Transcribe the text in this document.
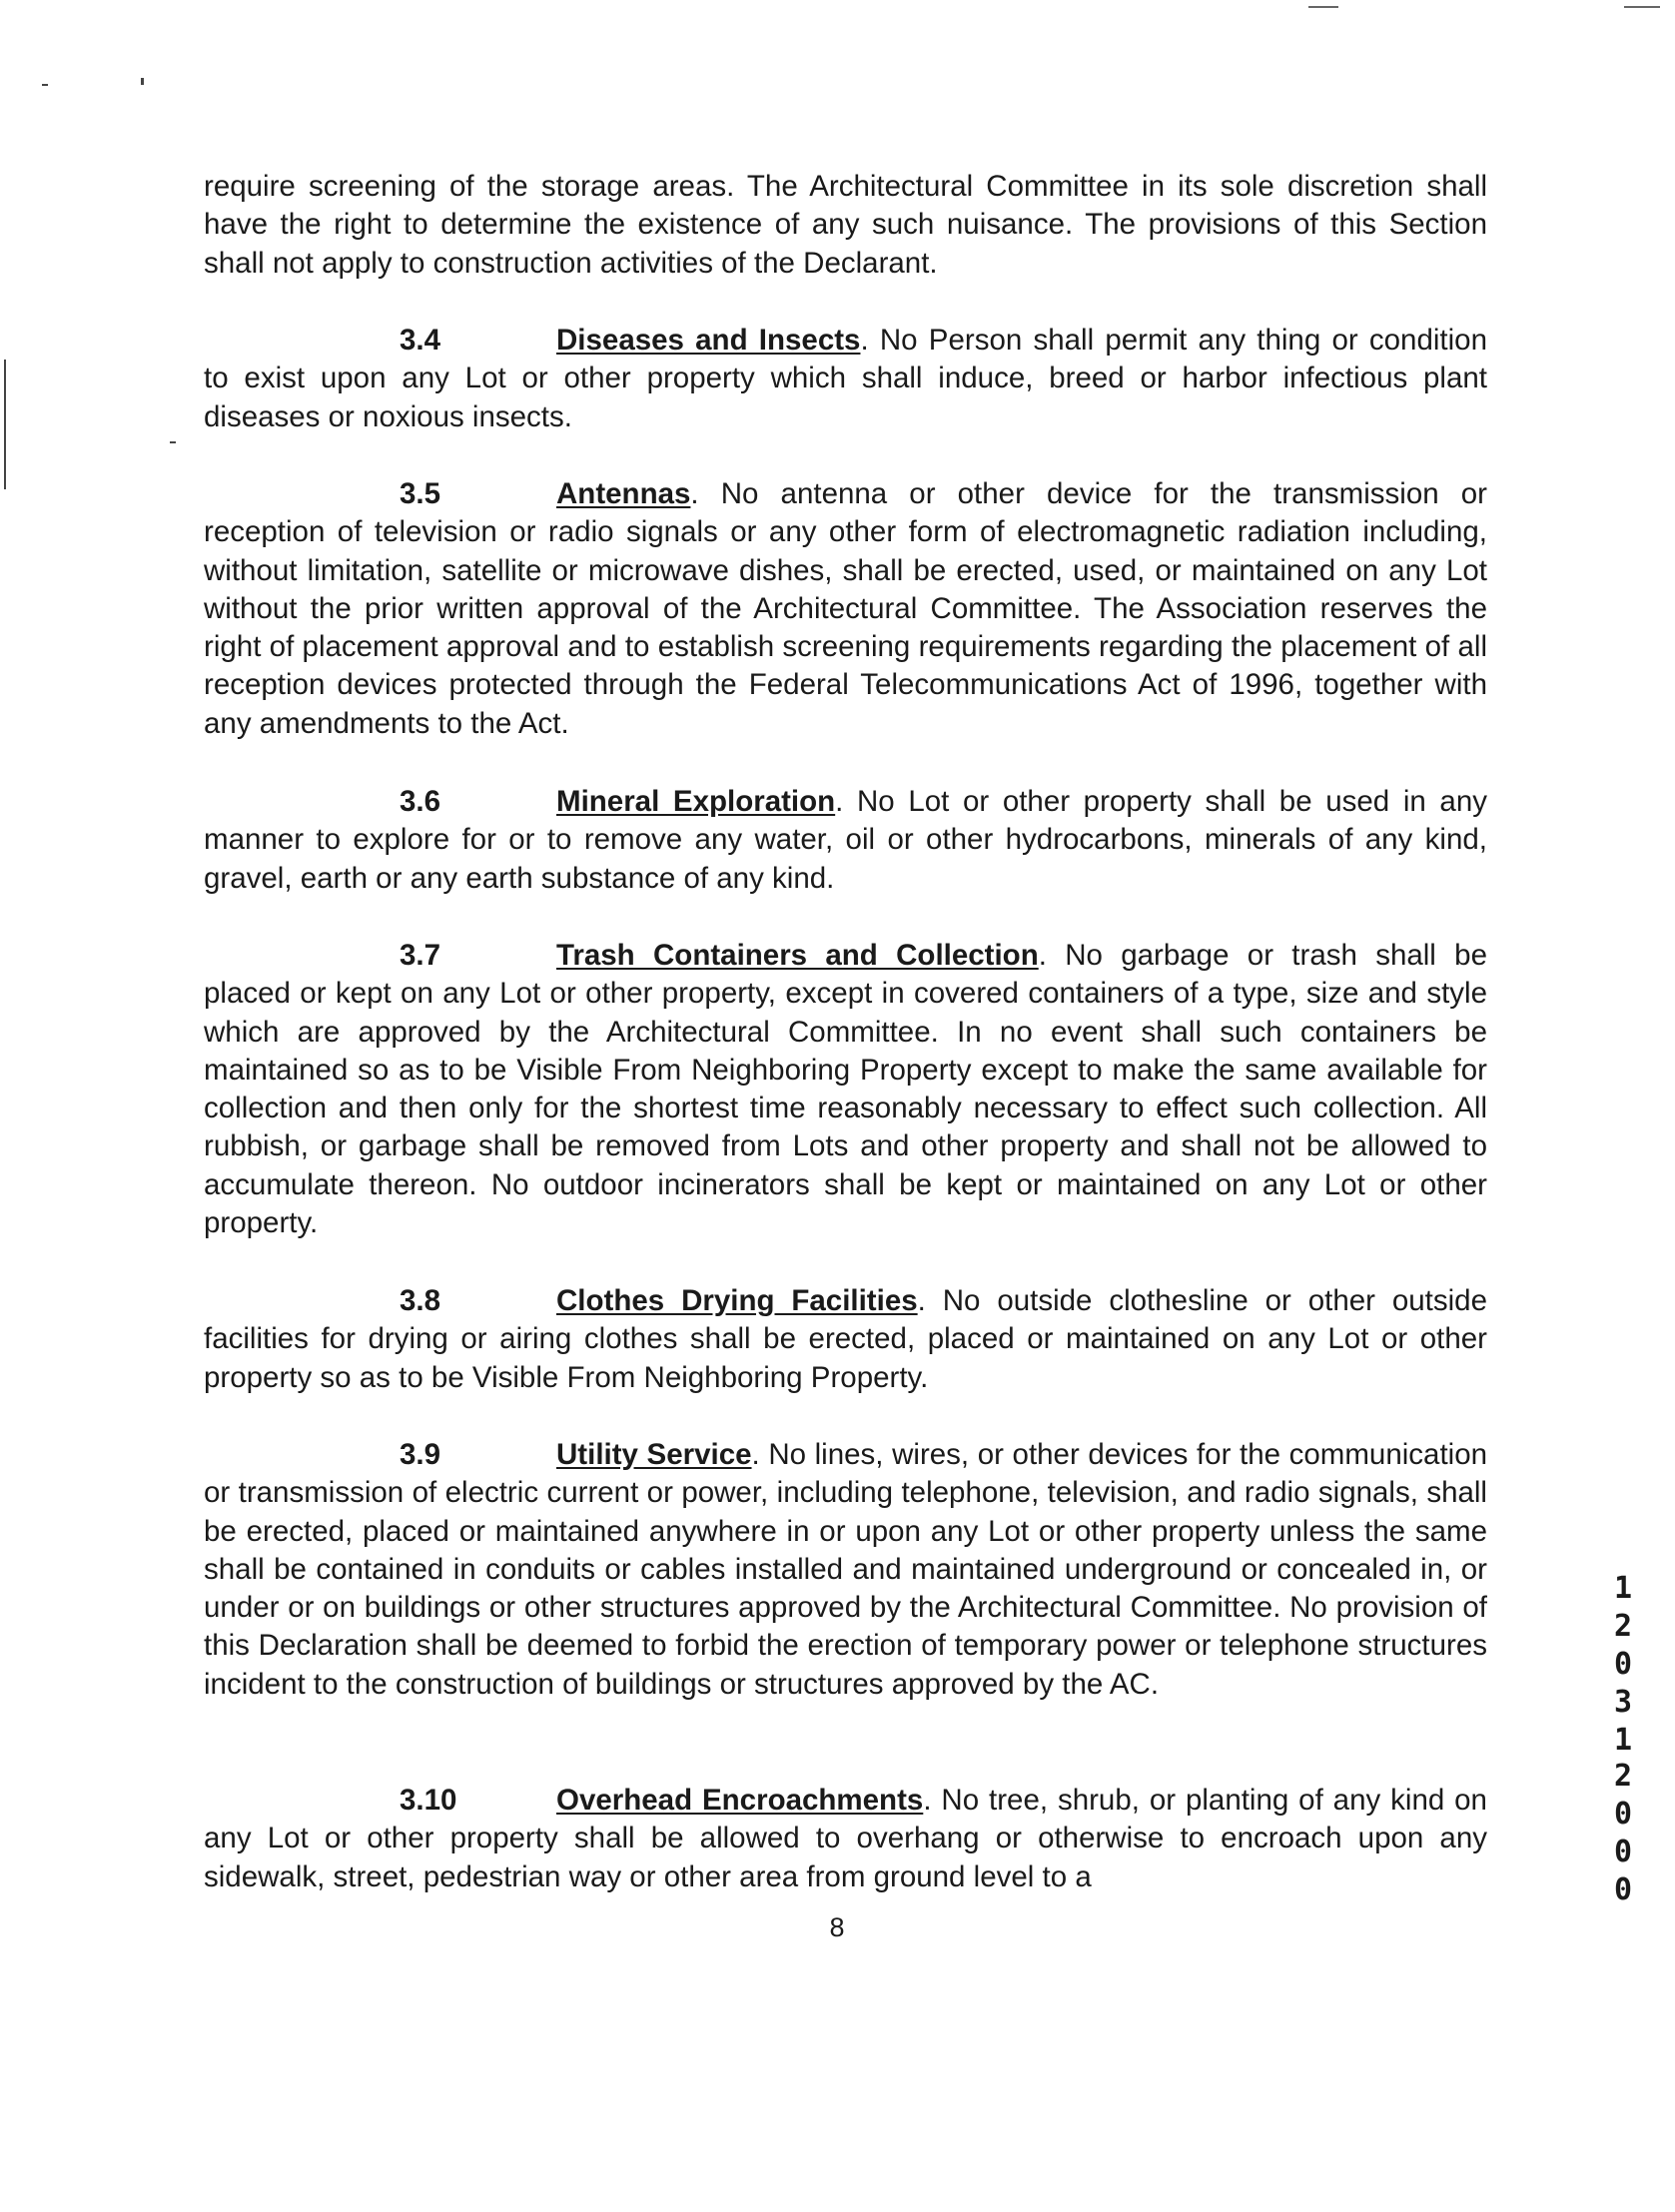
require screening of the storage areas. The Architectural Committee in its sole discretion shall have the right to determine the existence of any such nuisance. The provisions of this Section shall not apply to construction activities of the Declarant.

3.4	Diseases and Insects. No Person shall permit any thing or condition to exist upon any Lot or other property which shall induce, breed or harbor infectious plant diseases or noxious insects.

3.5	Antennas. No antenna or other device for the transmission or reception of television or radio signals or any other form of electromagnetic radiation including, without limitation, satellite or microwave dishes, shall be erected, used, or maintained on any Lot without the prior written approval of the Architectural Committee. The Association reserves the right of placement approval and to establish screening requirements regarding the placement of all reception devices protected through the Federal Telecommunications Act of 1996, together with any amendments to the Act.

3.6	Mineral Exploration. No Lot or other property shall be used in any manner to explore for or to remove any water, oil or other hydrocarbons, minerals of any kind, gravel, earth or any earth substance of any kind.

3.7	Trash Containers and Collection. No garbage or trash shall be placed or kept on any Lot or other property, except in covered containers of a type, size and style which are approved by the Architectural Committee. In no event shall such containers be maintained so as to be Visible From Neighboring Property except to make the same available for collection and then only for the shortest time reasonably necessary to effect such collection. All rubbish, or garbage shall be removed from Lots and other property and shall not be allowed to accumulate thereon. No outdoor incinerators shall be kept or maintained on any Lot or other property.

3.8	Clothes Drying Facilities. No outside clothesline or other outside facilities for drying or airing clothes shall be erected, placed or maintained on any Lot or other property so as to be Visible From Neighboring Property.

3.9	Utility Service. No lines, wires, or other devices for the communication or transmission of electric current or power, including telephone, television, and radio signals, shall be erected, placed or maintained anywhere in or upon any Lot or other property unless the same shall be contained in conduits or cables installed and maintained underground or concealed in, or under or on buildings or other structures approved by the Architectural Committee. No provision of this Declaration shall be deemed to forbid the erection of temporary power or telephone structures incident to the construction of buildings or structures approved by the AC.

3.10	Overhead Encroachments. No tree, shrub, or planting of any kind on any Lot or other property shall be allowed to overhang or otherwise to encroach upon any sidewalk, street, pedestrian way or other area from ground level to a

8
1
2
0
3
1
2
0
0
0
